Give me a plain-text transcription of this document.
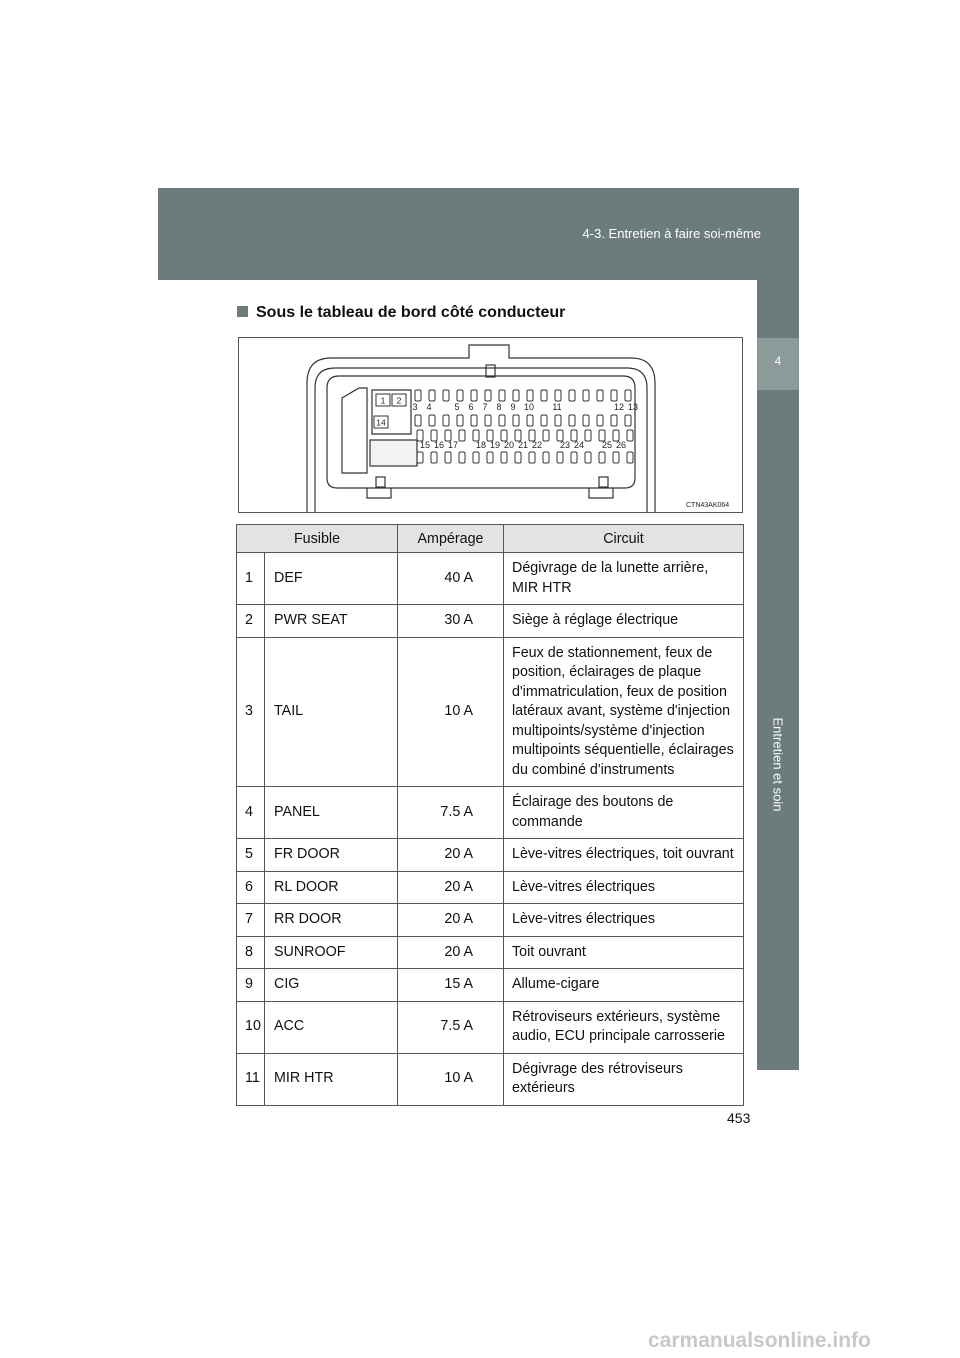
4-3. Entretien à faire soi-même
4
Entretien et soin
Sous le tableau de bord côté conducteur
1 2
14
3 4	5 6 7 8 9 10 11	12 13
15 16 17 18 19 20 21 22 23 24 25 26
CTN43AK064
Fusible		Ampérage	Circuit
1	DEF	40 A	Dégivrage de la lunette arrière, MIR HTR
2	PWR SEAT	30 A	Siège à réglage électrique
3	TAIL	10 A	Feux de stationnement, feux de position, éclairages de plaque d'immatriculation, feux de position latéraux avant, système d'injection multipoints/système d'injection multipoints séquentielle, éclairages du combiné d'instruments
4	PANEL	7.5 A	Éclairage des boutons de commande
5	FR DOOR	20 A	Lève-vitres électriques, toit ouvrant
6	RL DOOR	20 A	Lève-vitres électriques
7	RR DOOR	20 A	Lève-vitres électriques
8	SUNROOF	20 A	Toit ouvrant
9	CIG	15 A	Allume-cigare
10	ACC	7.5 A	Rétroviseurs extérieurs, système audio, ECU principale carrosserie
11	MIR HTR	10 A	Dégivrage des rétroviseurs extérieurs
453
carmanualsonline.info
